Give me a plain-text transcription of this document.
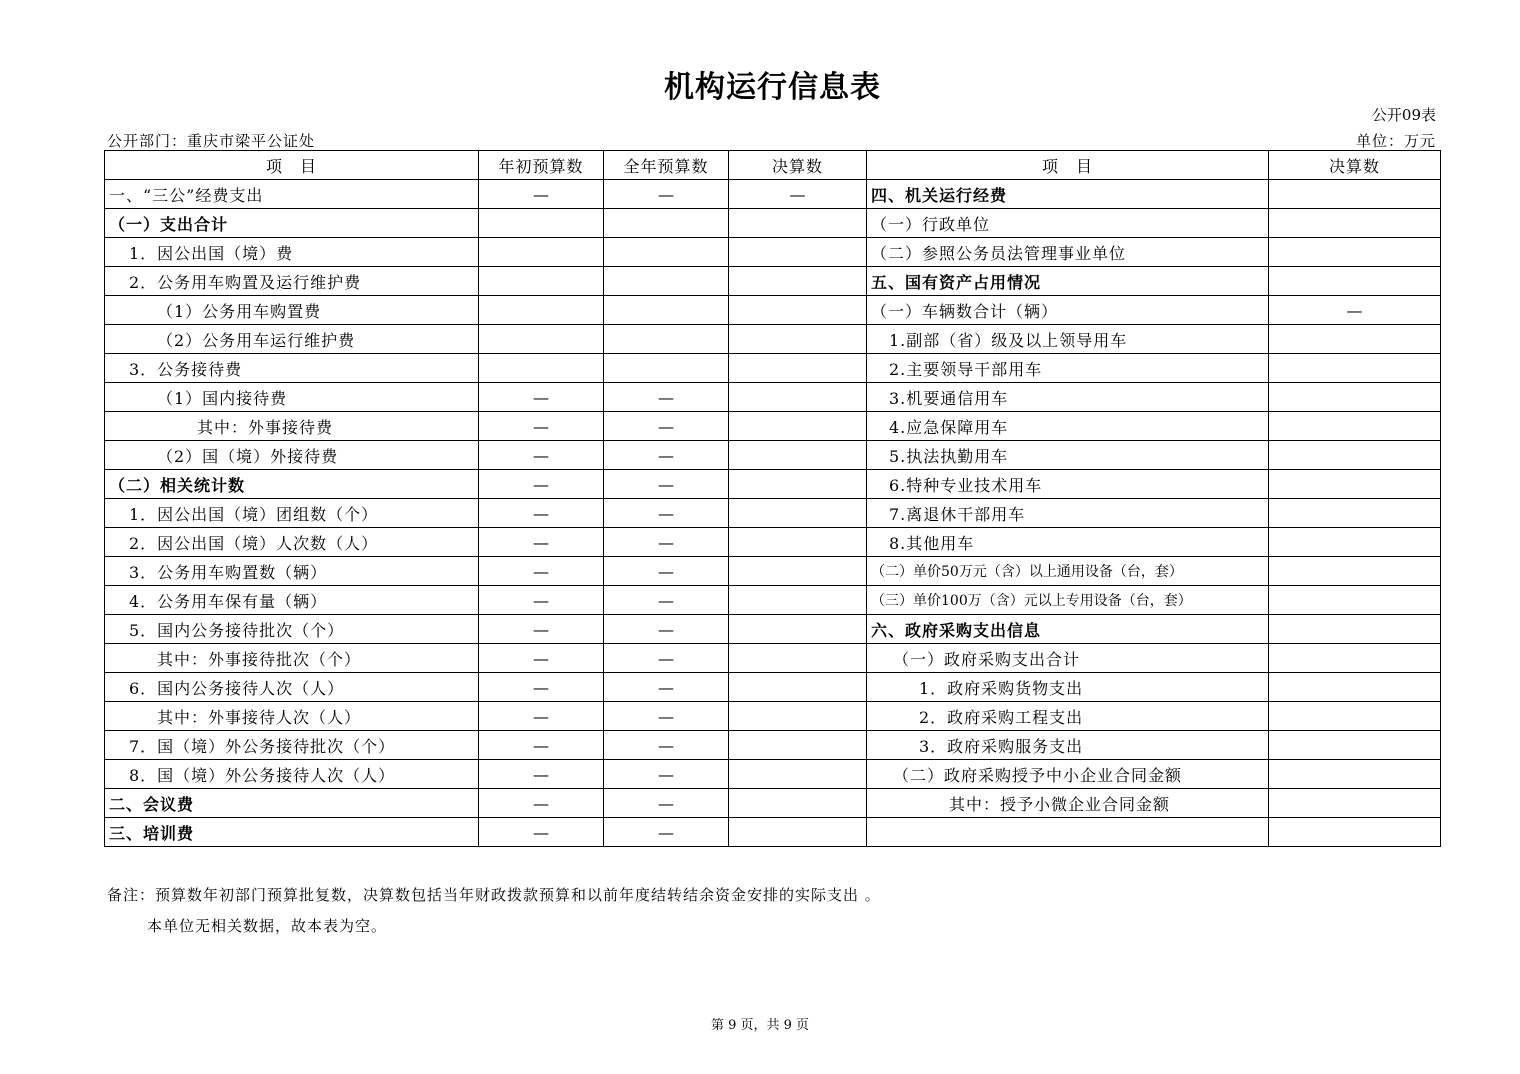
机构运行信息表
公开09表
公开部门：重庆市梁平公证处	单位：万元
项　目	年初预算数	全年预算数	决算数	项　目	决算数
一、“三公”经费支出	—	—	—	四、机关运行经费	
（一）支出合计				（一）行政单位	
1．因公出国（境）费				（二）参照公务员法管理事业单位	
2．公务用车购置及运行维护费				五、国有资产占用情况	
（1）公务用车购置费				（一）车辆数合计（辆）	—
（2）公务用车运行维护费				1.副部（省）级及以上领导用车	
3．公务接待费				2.主要领导干部用车	
（1）国内接待费	—	—		3.机要通信用车	
其中：外事接待费	—	—		4.应急保障用车	
（2）国（境）外接待费	—	—		5.执法执勤用车	
（二）相关统计数	—	—		6.特种专业技术用车	
1．因公出国（境）团组数（个）	—	—		7.离退休干部用车	
2．因公出国（境）人次数（人）	—	—		8.其他用车	
3．公务用车购置数（辆）	—	—		（二）单价50万元（含）以上通用设备（台，套）	
4．公务用车保有量（辆）	—	—		（三）单价100万（含）元以上专用设备（台，套）	
5．国内公务接待批次（个）	—	—		六、政府采购支出信息	
其中：外事接待批次（个）	—	—		（一）政府采购支出合计	
6．国内公务接待人次（人）	—	—		1．政府采购货物支出	
其中：外事接待人次（人）	—	—		2．政府采购工程支出	
7．国（境）外公务接待批次（个）	—	—		3．政府采购服务支出	
8．国（境）外公务接待人次（人）	—	—		（二）政府采购授予中小企业合同金额	
二、会议费	—	—		其中：授予小微企业合同金额	
三、培训费	—	—			
备注：预算数年初部门预算批复数，决算数包括当年财政拨款预算和以前年度结转结余资金安排的实际支出 。
本单位无相关数据，故本表为空。
第 9 页，共 9 页
